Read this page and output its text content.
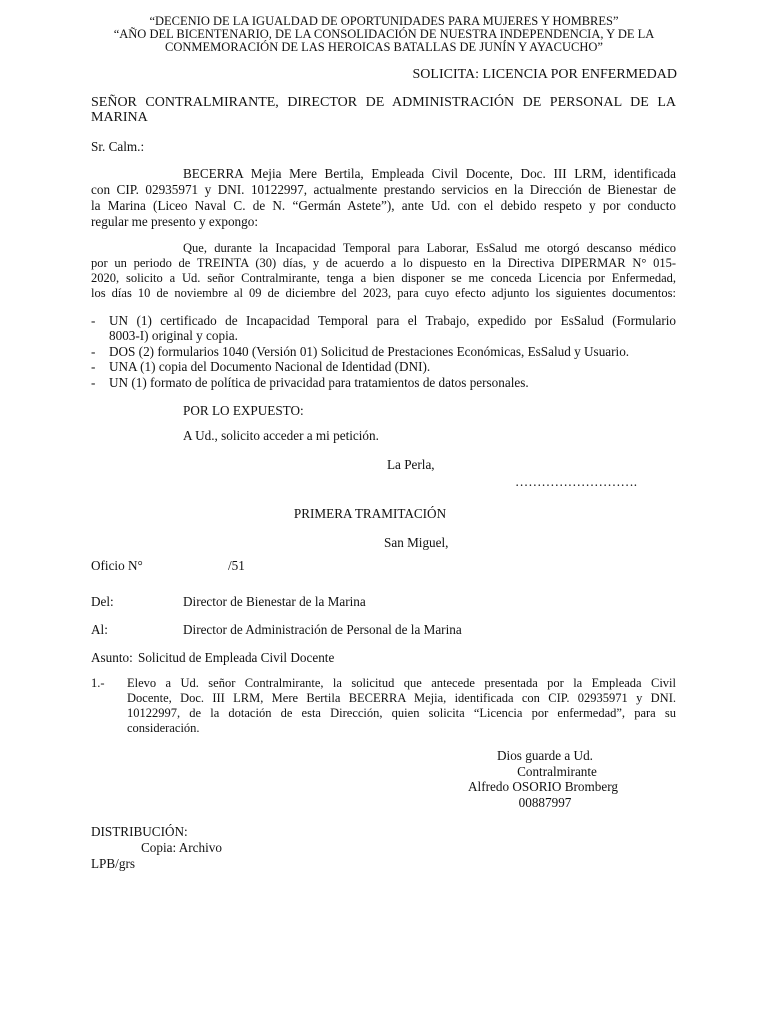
“DECENIO DE LA IGUALDAD DE OPORTUNIDADES PARA MUJERES Y HOMBRES”
“AÑO DEL BICENTENARIO, DE LA CONSOLIDACIÓN DE NUESTRA INDEPENDENCIA, Y DE LA
CONMEMORACIÓN DE LAS HEROICAS BATALLAS DE JUNÍN Y AYACUCHO”
SOLICITA: LICENCIA POR ENFERMEDAD
SEÑOR CONTRALMIRANTE, DIRECTOR DE ADMINISTRACIÓN DE PERSONAL DE LA
MARINA
Sr. Calm.:
BECERRA Mejia Mere Bertila, Empleada Civil Docente, Doc. III LRM, identificada
con CIP. 02935971 y DNI. 10122997, actualmente prestando servicios en la Dirección de Bienestar de
la Marina (Liceo Naval C. de N. “Germán Astete”), ante Ud. con el debido respeto y por conducto
regular me presento y expongo:
Que, durante la Incapacidad Temporal para Laborar, EsSalud me otorgó descanso médico
por un periodo de TREINTA (30) días, y de acuerdo a lo dispuesto en la Directiva DIPERMAR N° 015-
2020, solicito a Ud. señor Contralmirante, tenga a bien disponer se me conceda Licencia por Enfermedad,
los días 10 de noviembre al 09 de diciembre del 2023, para cuyo efecto adjunto los siguientes documentos:
- UN (1) certificado de Incapacidad Temporal para el Trabajo, expedido por EsSalud (Formulario
8003-I) original y copia.
- DOS (2) formularios 1040 (Versión 01) Solicitud de Prestaciones Económicas, EsSalud y Usuario.
- UNA (1) copia del Documento Nacional de Identidad (DNI).
- UN (1) formato de política de privacidad para tratamientos de datos personales.
POR LO EXPUESTO:
A Ud., solicito acceder a mi petición.
La Perla,
……………………….
PRIMERA TRAMITACIÓN
San Miguel,
Oficio N°	/51
Del:	Director de Bienestar de la Marina
Al:	Director de Administración de Personal de la Marina
Asunto: Solicitud de Empleada Civil Docente
1.- Elevo a Ud. señor Contralmirante, la solicitud que antecede presentada por la Empleada Civil
Docente, Doc. III LRM, Mere Bertila BECERRA Mejia, identificada con CIP. 02935971 y DNI.
10122997, de la dotación de esta Dirección, quien solicita “Licencia por enfermedad”, para su
consideración.
Dios guarde a Ud.
Contralmirante
Alfredo OSORIO Bromberg
00887997
DISTRIBUCIÓN:
Copia: Archivo
LPB/grs
